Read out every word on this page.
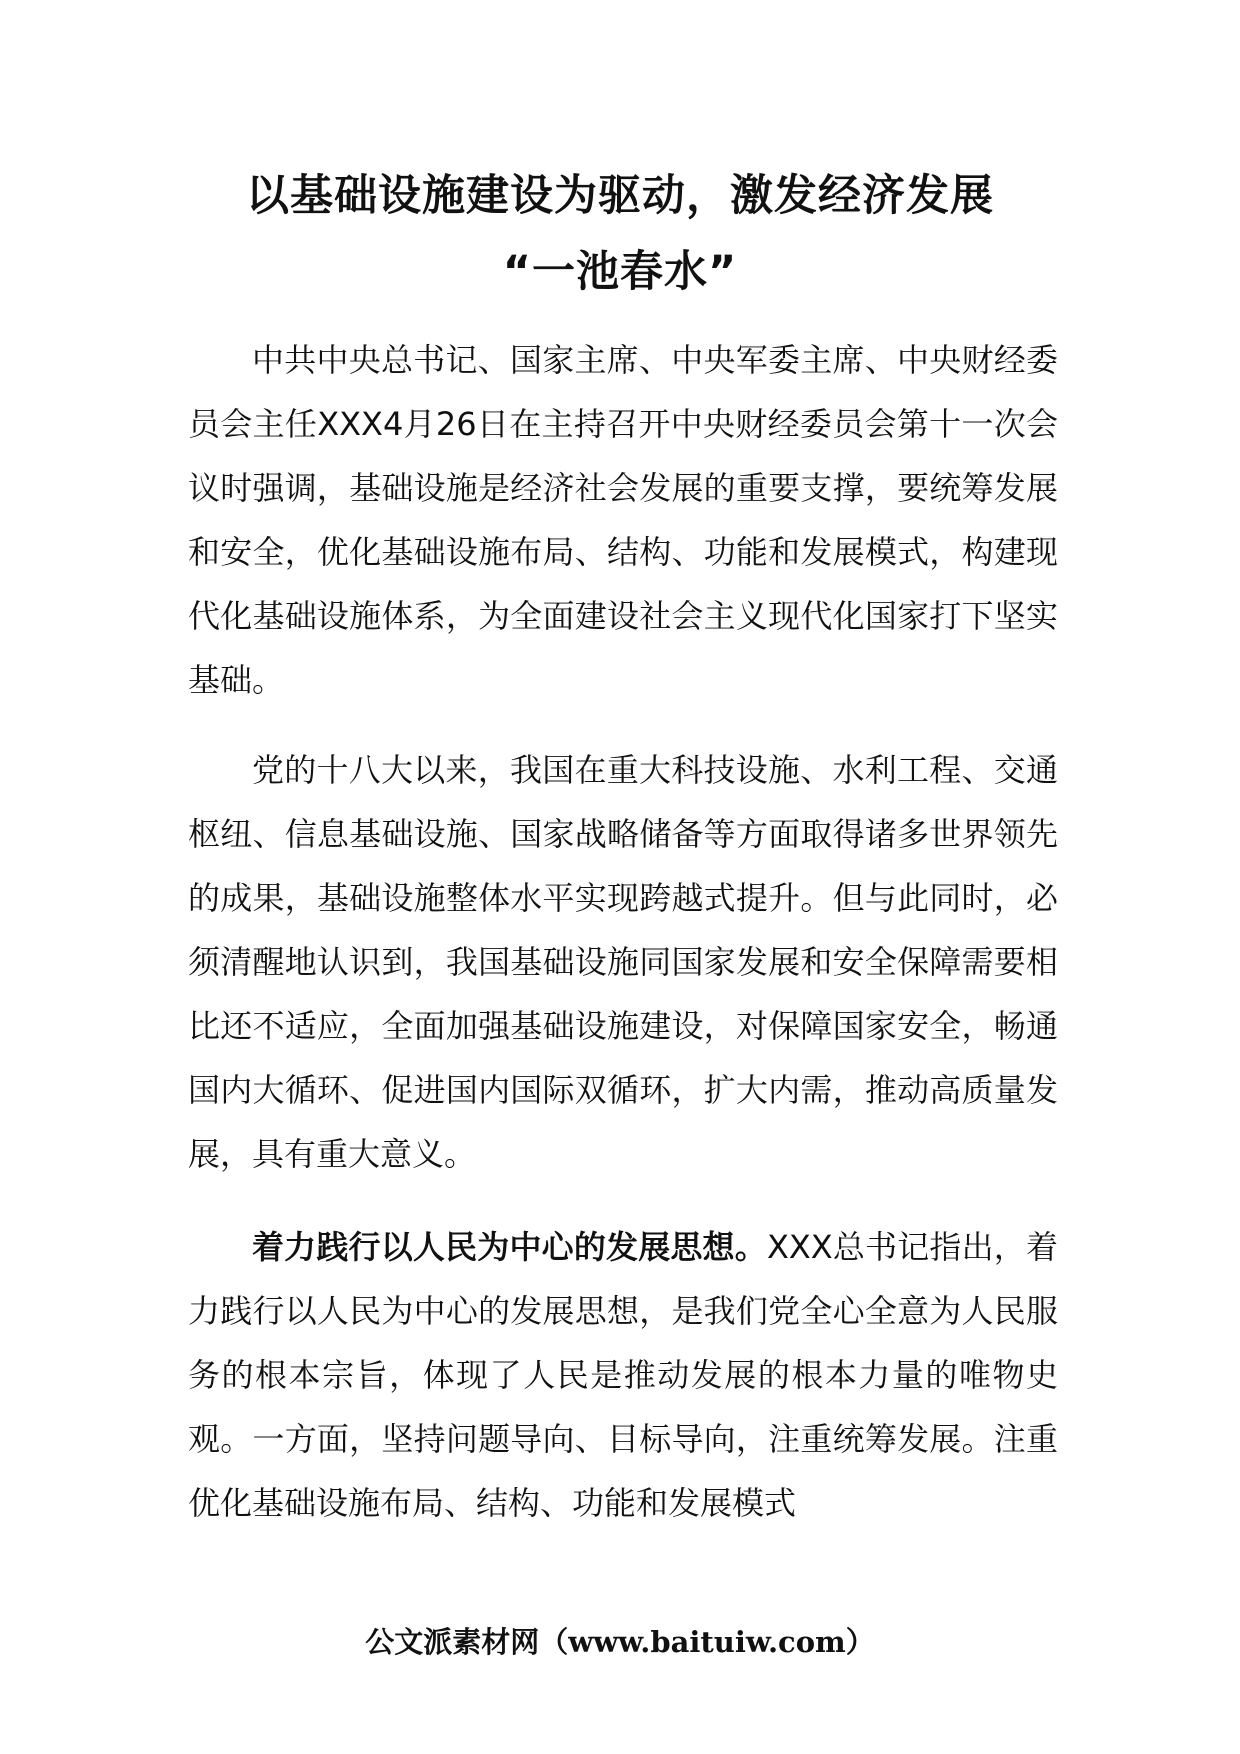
以基础设施建设为驱动，激发经济发展
“一池春水”

中共中央总书记、国家主席、中央军委主席、中央财经委员会主任XXX4月26日在主持召开中央财经委员会第十一次会议时强调，基础设施是经济社会发展的重要支撑，要统筹发展和安全，优化基础设施布局、结构、功能和发展模式，构建现代化基础设施体系，为全面建设社会主义现代化国家打下坚实基础。

党的十八大以来，我国在重大科技设施、水利工程、交通枢纽、信息基础设施、国家战略储备等方面取得诸多世界领先的成果，基础设施整体水平实现跨越式提升。但与此同时，必须清醒地认识到，我国基础设施同国家发展和安全保障需要相比还不适应，全面加强基础设施建设，对保障国家安全，畅通国内大循环、促进国内国际双循环，扩大内需，推动高质量发展，具有重大意义。

着力践行以人民为中心的发展思想。XXX总书记指出，着力践行以人民为中心的发展思想，是我们党全心全意为人民服务的根本宗旨，体现了人民是推动发展的根本力量的唯物史观。一方面，坚持问题导向、目标导向，注重统筹发展。注重优化基础设施布局、结构、功能和发展模式

公文派素材网（www.baituiw.com）
